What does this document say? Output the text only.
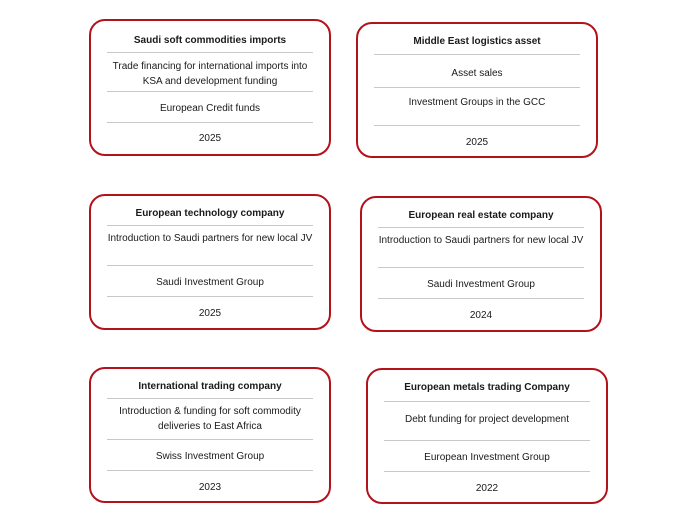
Saudi soft commodities imports
Trade financing for international imports into KSA and development funding
European Credit funds
2025
Middle East logistics asset
Asset sales
Investment Groups in the GCC
2025
European technology company
Introduction to Saudi partners for new local JV
Saudi Investment Group
2025
European real estate company
Introduction to Saudi partners for new local JV
Saudi Investment Group
2024
International trading company
Introduction & funding for soft commodity deliveries to East Africa
Swiss Investment Group
2023
European metals trading Company
Debt funding for project development
European Investment Group
2022
